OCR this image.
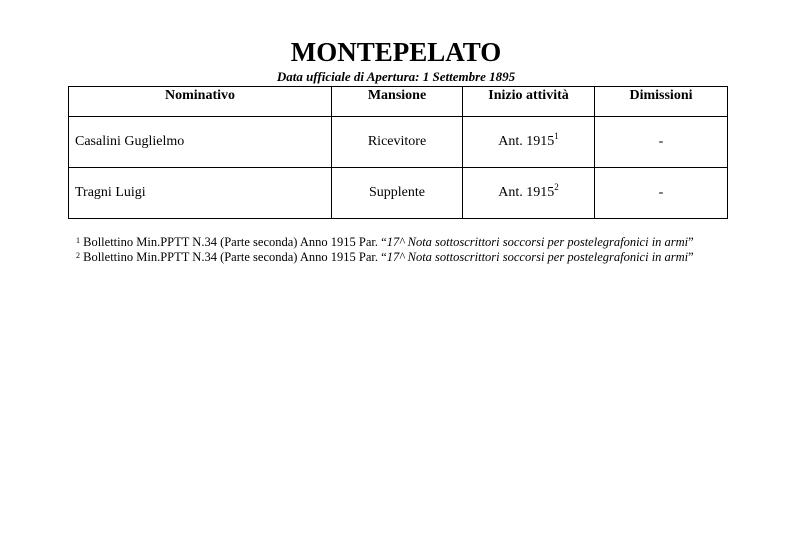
MONTEPELATO
Data ufficiale di Apertura: 1 Settembre 1895
Nominativo	Mansione	Inizio attività	Dimissioni
Casalini Guglielmo	Ricevitore	Ant. 1915$^1$	-
Tragni Luigi	Supplente	Ant. 1915$^2$	-

$^1$ Bollettino Min.PPTT N.34 (Parte seconda) Anno 1915 Par. “17^ Nota sottoscrittori soccorsi per postelegrafonici in armi”

$^2$ Bollettino Min.PPTT N.34 (Parte seconda) Anno 1915 Par. “17^ Nota sottoscrittori soccorsi per postelegrafonici in armi”
